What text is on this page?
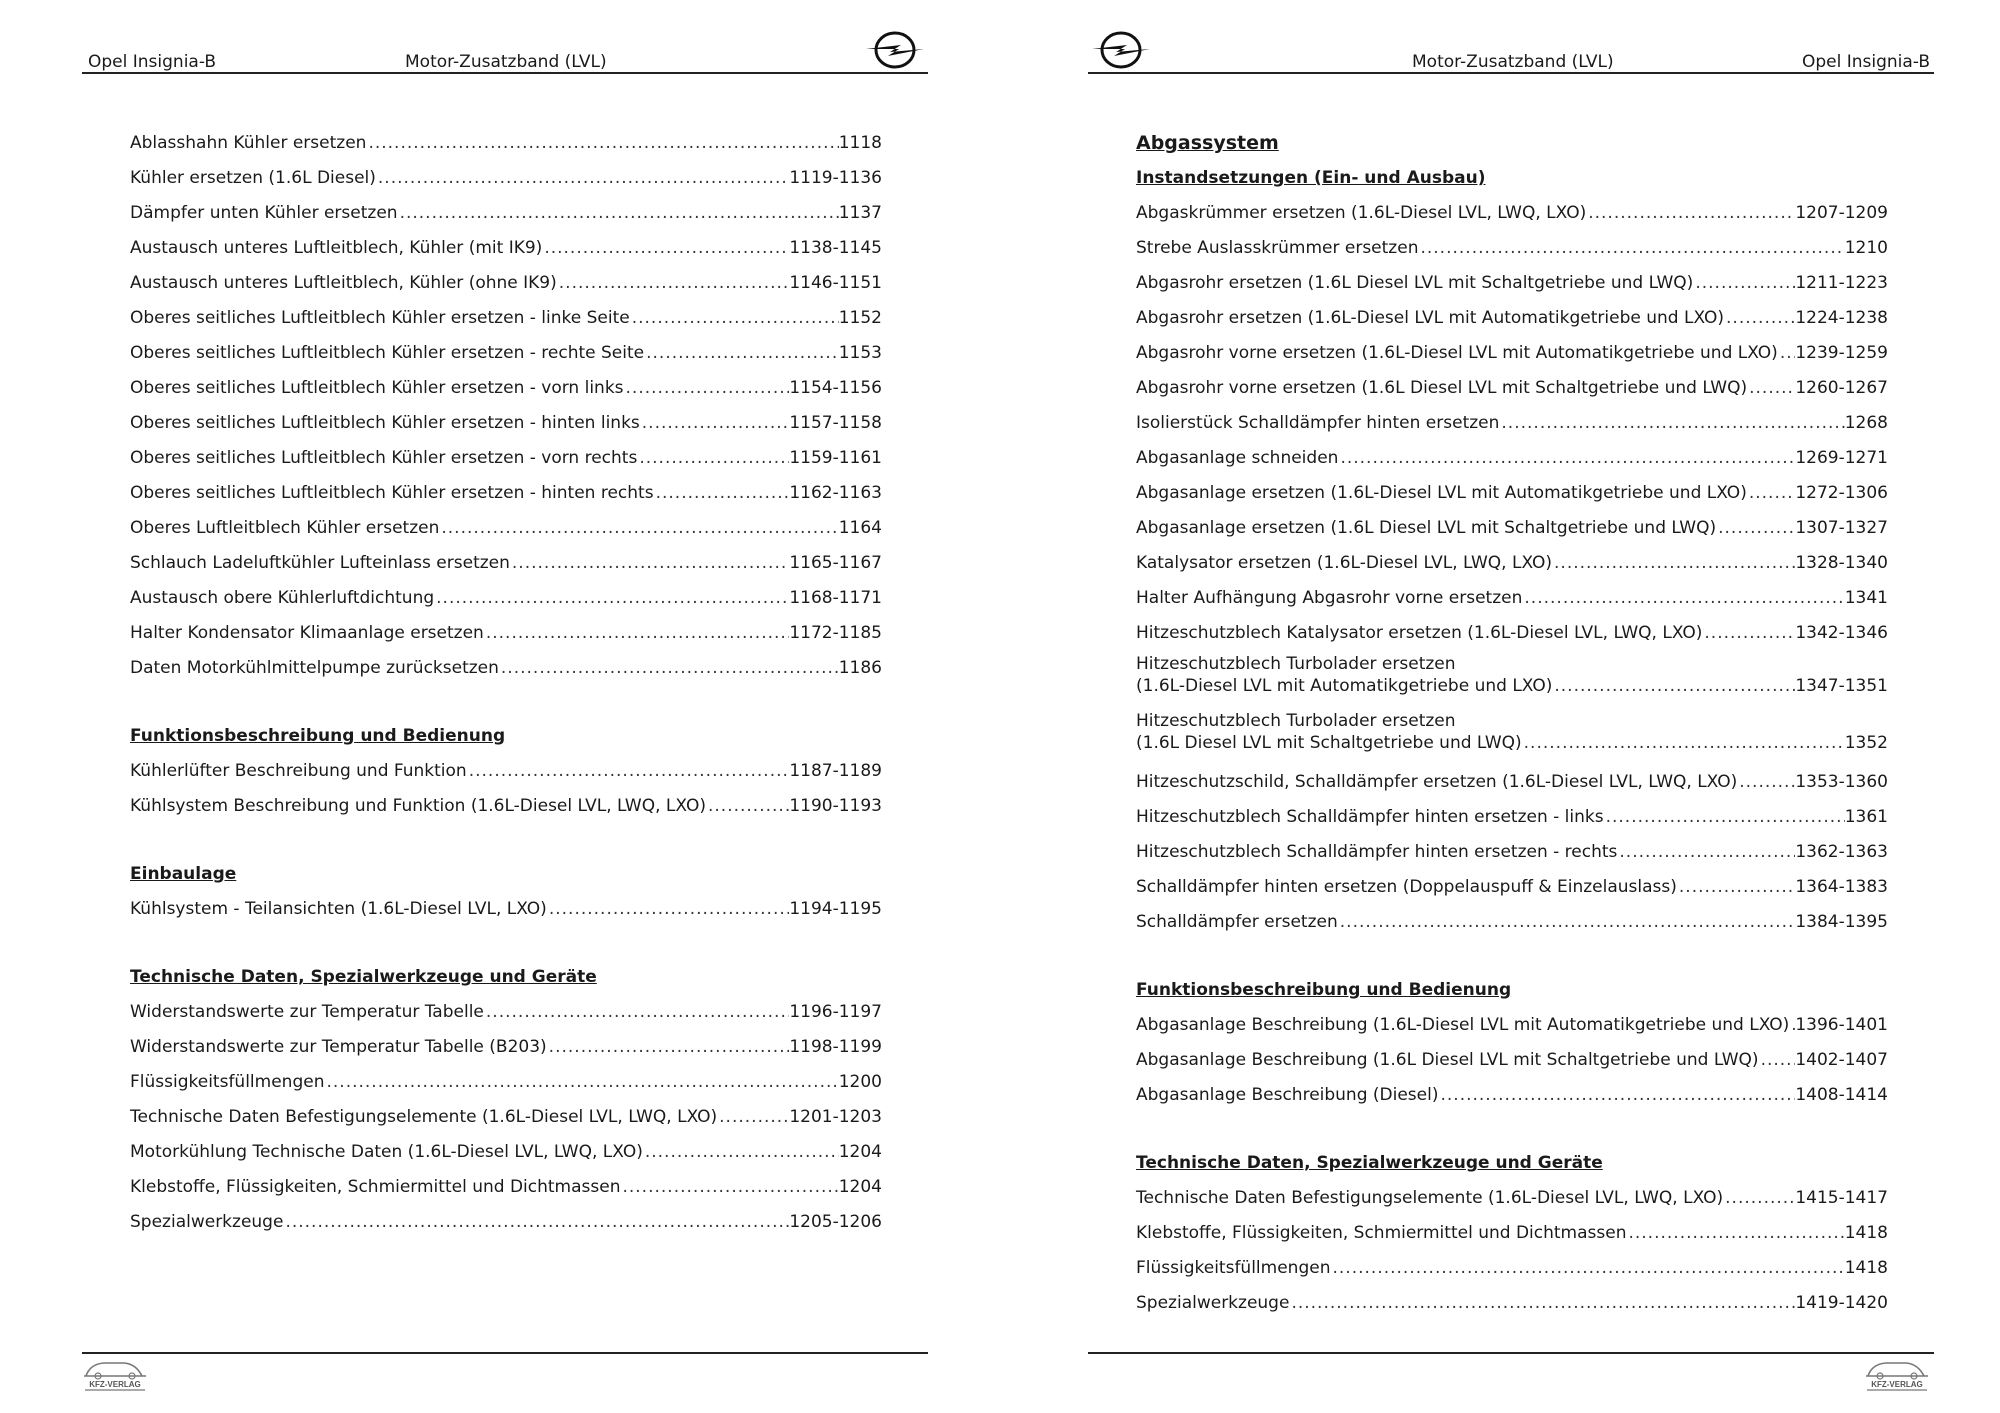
Opel Insignia-B	Motor-Zusatzband (LVL)
Ablasshahn Kühler ersetzen .....	1118
Kühler ersetzen (1.6L Diesel) .....	1119-1136
Dämpfer unten Kühler ersetzen .....	1137
Austausch unteres Luftleitblech, Kühler (mit IK9) .....	1138-1145
Austausch unteres Luftleitblech, Kühler (ohne IK9) .....	1146-1151
Oberes seitliches Luftleitblech Kühler ersetzen - linke Seite .....	1152
Oberes seitliches Luftleitblech Kühler ersetzen - rechte Seite .....	1153
Oberes seitliches Luftleitblech Kühler ersetzen - vorn links .....	1154-1156
Oberes seitliches Luftleitblech Kühler ersetzen - hinten links .....	1157-1158
Oberes seitliches Luftleitblech Kühler ersetzen - vorn rechts .....	1159-1161
Oberes seitliches Luftleitblech Kühler ersetzen - hinten rechts .....	1162-1163
Oberes Luftleitblech Kühler ersetzen .....	1164
Schlauch Ladeluftkühler Lufteinlass ersetzen .....	1165-1167
Austausch obere Kühlerluftdichtung .....	1168-1171
Halter Kondensator Klimaanlage ersetzen .....	1172-1185
Daten Motorkühlmittelpumpe zurücksetzen .....	1186
Funktionsbeschreibung und Bedienung
Kühlerlüfter Beschreibung und Funktion .....	1187-1189
Kühlsystem Beschreibung und Funktion (1.6L-Diesel LVL, LWQ, LXO) .....	1190-1193
Einbaulage
Kühlsystem - Teilansichten (1.6L-Diesel LVL, LXO) .....	1194-1195
Technische Daten, Spezialwerkzeuge und Geräte
Widerstandswerte zur Temperatur Tabelle .....	1196-1197
Widerstandswerte zur Temperatur Tabelle (B203) .....	1198-1199
Flüssigkeitsfüllmengen .....	1200
Technische Daten Befestigungselemente (1.6L-Diesel LVL, LWQ, LXO) .....	1201-1203
Motorkühlung Technische Daten (1.6L-Diesel LVL, LWQ, LXO) .....	1204
Klebstoffe, Flüssigkeiten, Schmiermittel und Dichtmassen .....	1204
Spezialwerkzeuge .....	1205-1206
KFZ-VERLAG
Motor-Zusatzband (LVL)	Opel Insignia-B
Abgassystem
Instandsetzungen (Ein- und Ausbau)
Abgaskrümmer ersetzen (1.6L-Diesel LVL, LWQ, LXO) .....	1207-1209
Strebe Auslasskrümmer ersetzen .....	1210
Abgasrohr ersetzen (1.6L Diesel LVL mit Schaltgetriebe und LWQ) .....	1211-1223
Abgasrohr ersetzen (1.6L-Diesel LVL mit Automatikgetriebe und LXO) .....	1224-1238
Abgasrohr vorne ersetzen (1.6L-Diesel LVL mit Automatikgetriebe und LXO) ..... 1239-1259
Abgasrohr vorne ersetzen (1.6L Diesel LVL mit Schaltgetriebe und LWQ) .....	1260-1267
Isolierstück Schalldämpfer hinten ersetzen .....	1268
Abgasanlage schneiden .....	1269-1271
Abgasanlage ersetzen (1.6L-Diesel LVL mit Automatikgetriebe und LXO) .....	1272-1306
Abgasanlage ersetzen (1.6L Diesel LVL mit Schaltgetriebe und LWQ) .....	1307-1327
Katalysator ersetzen (1.6L-Diesel LVL, LWQ, LXO) .....	1328-1340
Halter Aufhängung Abgasrohr vorne ersetzen .....	1341
Hitzeschutzblech Katalysator ersetzen (1.6L-Diesel LVL, LWQ, LXO) .....	1342-1346
Hitzeschutzblech Turbolader ersetzen
(1.6L-Diesel LVL mit Automatikgetriebe und LXO) .....	1347-1351
Hitzeschutzblech Turbolader ersetzen
(1.6L Diesel LVL mit Schaltgetriebe und LWQ) .....	1352
Hitzeschutzschild, Schalldämpfer ersetzen (1.6L-Diesel LVL, LWQ, LXO) .....	1353-1360
Hitzeschutzblech Schalldämpfer hinten ersetzen - links .....	1361
Hitzeschutzblech Schalldämpfer hinten ersetzen - rechts .....	1362-1363
Schalldämpfer hinten ersetzen (Doppelauspuff & Einzelauslass) .....	1364-1383
Schalldämpfer ersetzen .....	1384-1395
Funktionsbeschreibung und Bedienung
Abgasanlage Beschreibung (1.6L-Diesel LVL mit Automatikgetriebe und LXO) ..... 1396-1401
Abgasanlage Beschreibung (1.6L Diesel LVL mit Schaltgetriebe und LWQ) ..... 1402-1407
Abgasanlage Beschreibung (Diesel) .....	1408-1414
Technische Daten, Spezialwerkzeuge und Geräte
Technische Daten Befestigungselemente (1.6L-Diesel LVL, LWQ, LXO) .....	1415-1417
Klebstoffe, Flüssigkeiten, Schmiermittel und Dichtmassen .....	1418
Flüssigkeitsfüllmengen .....	1418
Spezialwerkzeuge .....	1419-1420
KFZ-VERLAG
